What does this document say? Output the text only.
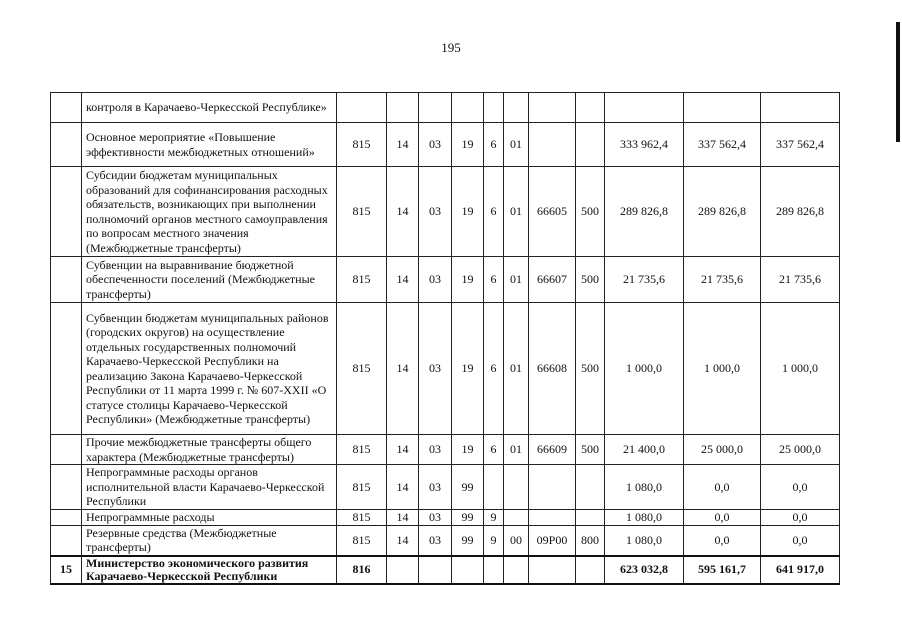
195
	контроля в Карачаево-Черкесской Республике»											
	Основное мероприятие «Повышение эффективности межбюджетных отношений»	815	14	03	19	6	01			333 962,4	337 562,4	337 562,4
	Субсидии бюджетам муниципальных образований для софинансирования расходных обязательств, возникающих при выполнении полномочий органов местного самоуправления по вопросам местного значения (Межбюджетные трансферты)	815	14	03	19	6	01	66605	500	289 826,8	289 826,8	289 826,8
	Субвенции на выравнивание бюджетной обеспеченности поселений (Межбюджетные трансферты)	815	14	03	19	6	01	66607	500	21 735,6	21 735,6	21 735,6
	Субвенции бюджетам муниципальных районов (городских округов) на осуществление отдельных государственных полномочий Карачаево-Черкесской Республики на реализацию Закона Карачаево-Черкесской Республики от 11 марта 1999 г. № 607-XXII «О статусе столицы Карачаево-Черкесской Республики» (Межбюджетные трансферты)	815	14	03	19	6	01	66608	500	1 000,0	1 000,0	1 000,0
	Прочие межбюджетные трансферты общего характера (Межбюджетные трансферты)	815	14	03	19	6	01	66609	500	21 400,0	25 000,0	25 000,0
	Непрограммные расходы органов исполнительной власти Карачаево-Черкесской Республики	815	14	03	99					1 080,0	0,0	0,0
	Непрограммные расходы	815	14	03	99	9				1 080,0	0,0	0,0
	Резервные средства (Межбюджетные трансферты)	815	14	03	99	9	00	09Р00	800	1 080,0	0,0	0,0
15	Министерство экономического развития Карачаево-Черкесской Республики	816								623 032,8	595 161,7	641 917,0
